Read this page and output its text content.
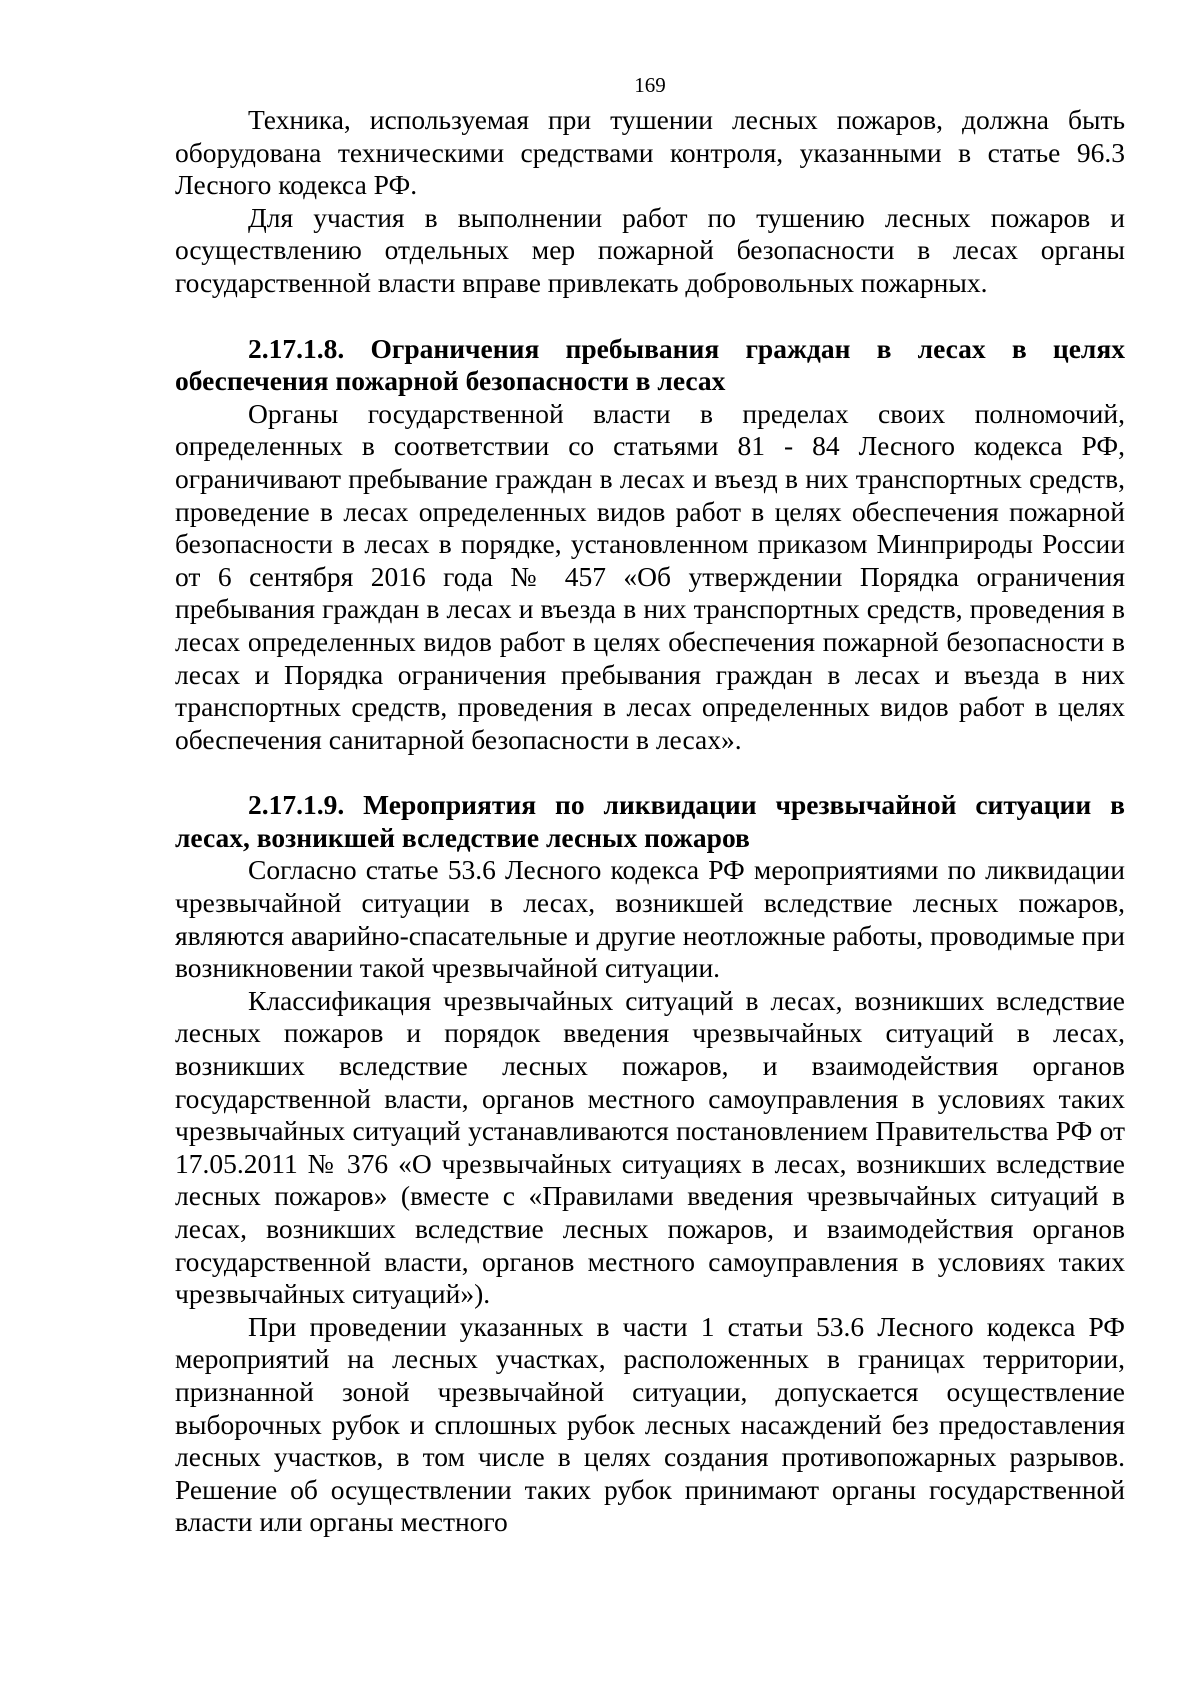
169

Техника, используемая при тушении лесных пожаров, должна быть оборудована техническими средствами контроля, указанными в статье 96.3 Лесного кодекса РФ.

Для участия в выполнении работ по тушению лесных пожаров и осуществлению отдельных мер пожарной безопасности в лесах органы государственной власти вправе привлекать добровольных пожарных.

2.17.1.8. Ограничения пребывания граждан в лесах в целях обеспечения пожарной безопасности в лесах

Органы государственной власти в пределах своих полномочий, определенных в соответствии со статьями 81 - 84 Лесного кодекса РФ, ограничивают пребывание граждан в лесах и въезд в них транспортных средств, проведение в лесах определенных видов работ в целях обеспечения пожарной безопасности в лесах в порядке, установленном приказом Минприроды России от 6 сентября 2016 года № 457 «Об утверждении Порядка ограничения пребывания граждан в лесах и въезда в них транспортных средств, проведения в лесах определенных видов работ в целях обеспечения пожарной безопасности в лесах и Порядка ограничения пребывания граждан в лесах и въезда в них транспортных средств, проведения в лесах определенных видов работ в целях обеспечения санитарной безопасности в лесах».

2.17.1.9. Мероприятия по ликвидации чрезвычайной ситуации в лесах, возникшей вследствие лесных пожаров

Согласно статье 53.6 Лесного кодекса РФ мероприятиями по ликвидации чрезвычайной ситуации в лесах, возникшей вследствие лесных пожаров, являются аварийно-спасательные и другие неотложные работы, проводимые при возникновении такой чрезвычайной ситуации.

Классификация чрезвычайных ситуаций в лесах, возникших вследствие лесных пожаров и порядок введения чрезвычайных ситуаций в лесах, возникших вследствие лесных пожаров, и взаимодействия органов государственной власти, органов местного самоуправления в условиях таких чрезвычайных ситуаций устанавливаются постановлением Правительства РФ от 17.05.2011 № 376 «О чрезвычайных ситуациях в лесах, возникших вследствие лесных пожаров» (вместе с «Правилами введения чрезвычайных ситуаций в лесах, возникших вследствие лесных пожаров, и взаимодействия органов государственной власти, органов местного самоуправления в условиях таких чрезвычайных ситуаций»).

При проведении указанных в части 1 статьи 53.6 Лесного кодекса РФ мероприятий на лесных участках, расположенных в границах территории, признанной зоной чрезвычайной ситуации, допускается осуществление выборочных рубок и сплошных рубок лесных насаждений без предоставления лесных участков, в том числе в целях создания противопожарных разрывов. Решение об осуществлении таких рубок принимают органы государственной власти или органы местного
